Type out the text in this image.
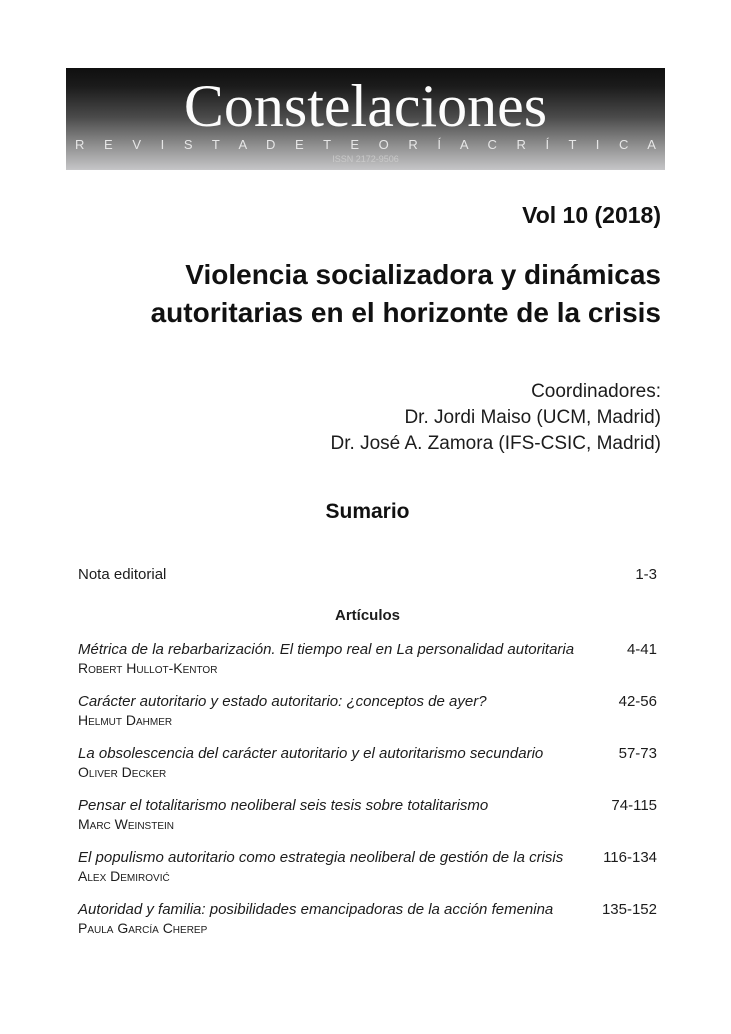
Constelaciones
R E V I S T A D E T E O R Í A C R Í T I C A
ISSN 2172-9506
Vol 10 (2018)
Violencia socializadora y dinámicas
autoritarias en el horizonte de la crisis
Coordinadores:
Dr. Jordi Maiso (UCM, Madrid)
Dr. José A. Zamora (IFS-CSIC, Madrid)
Sumario
Nota editorial	1-3
Artículos
Métrica de la rebarbarización. El tiempo real en La personalidad autoritaria	4-41
Robert Hullot-Kentor
Carácter autoritario y estado autoritario: ¿conceptos de ayer?	42-56
Helmut Dahmer
La obsolescencia del carácter autoritario y el autoritarismo secundario	57-73
Oliver Decker
Pensar el totalitarismo neoliberal seis tesis sobre totalitarismo	74-115
Marc Weinstein
El populismo autoritario como estrategia neoliberal de gestión de la crisis	116-134
Alex Demirović
Autoridad y familia: posibilidades emancipadoras de la acción femenina	135-152
Paula García Cherep
